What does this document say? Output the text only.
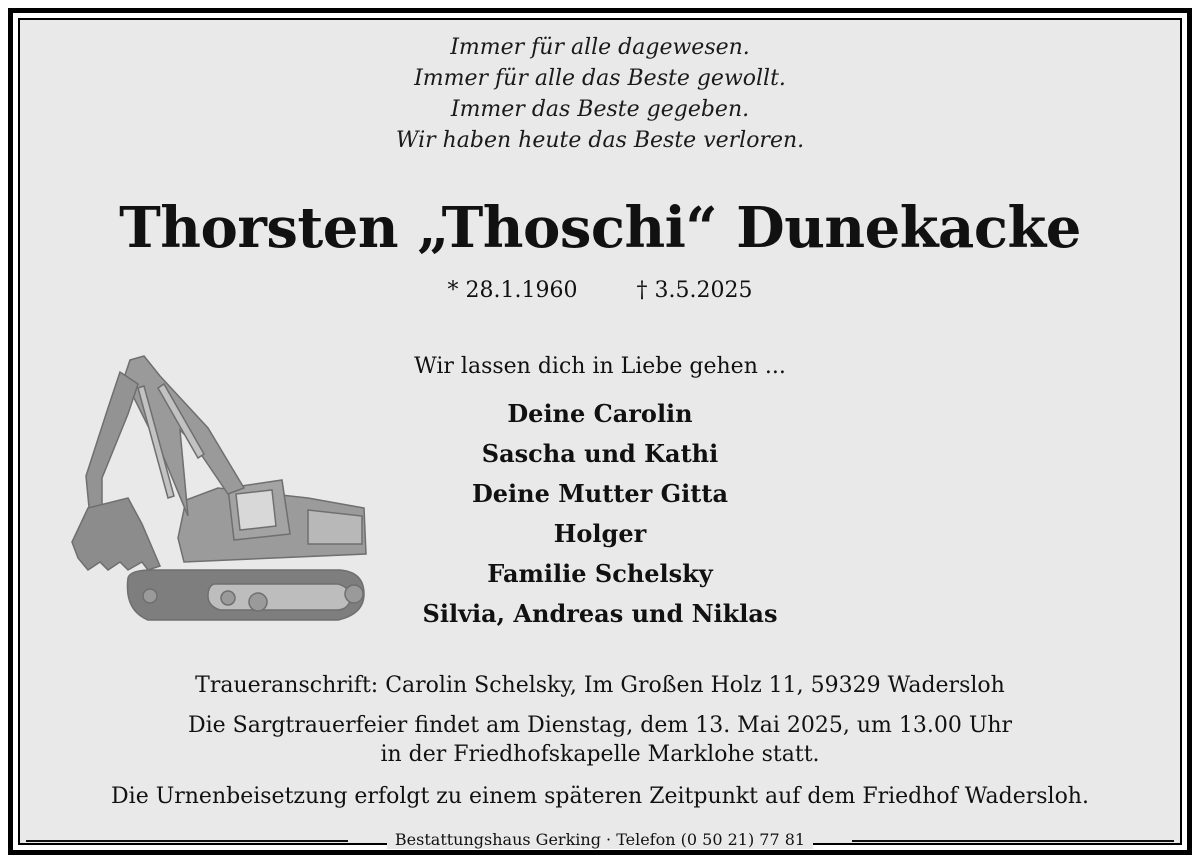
Immer für alle dagewesen.
Immer für alle das Beste gewollt.
Immer das Beste gegeben.
Wir haben heute das Beste verloren.
Thorsten „Thoschi“ Dunekacke
* 28.1.1960	† 3.5.2025
Wir lassen dich in Liebe gehen ...
Deine Carolin
Sascha und Kathi
Deine Mutter Gitta
Holger
Familie Schelsky
Silvia, Andreas und Niklas
Traueranschrift: Carolin Schelsky, Im Großen Holz 11, 59329 Wadersloh
Die Sargtrauerfeier findet am Dienstag, dem 13. Mai 2025, um 13.00 Uhr
in der Friedhofskapelle Marklohe statt.
Die Urnenbeisetzung erfolgt zu einem späteren Zeitpunkt auf dem Friedhof Wadersloh.
Bestattungshaus Gerking · Telefon (0 50 21) 77 81
